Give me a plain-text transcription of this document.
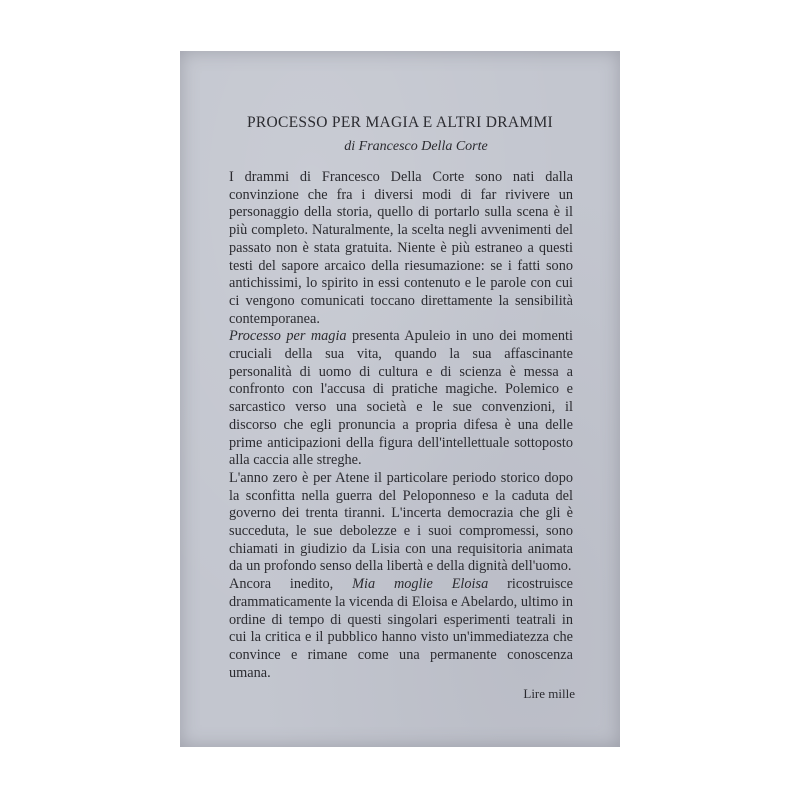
PROCESSO PER MAGIA E ALTRI DRAMMI

di Francesco Della Corte

I drammi di Francesco Della Corte sono nati dalla convinzione che fra i diversi modi di far rivivere un personaggio della storia, quello di portarlo sulla scena è il più completo. Naturalmente, la scelta negli avvenimenti del passato non è stata gratuita. Niente è più estraneo a questi testi del sapore arcaico della riesumazione: se i fatti sono antichissimi, lo spirito in essi contenuto e le parole con cui ci vengono comunicati toccano direttamente la sensibilità contemporanea.

Processo per magia presenta Apuleio in uno dei momenti cruciali della sua vita, quando la sua affascinante personalità di uomo di cultura e di scienza è messa a confronto con l'accusa di pratiche magiche. Polemico e sarcastico verso una società e le sue convenzioni, il discorso che egli pronuncia a propria difesa è una delle prime anticipazioni della figura dell'intellettuale sottoposto alla caccia alle streghe.

L'anno zero è per Atene il particolare periodo storico dopo la sconfitta nella guerra del Peloponneso e la caduta del governo dei trenta tiranni. L'incerta democrazia che gli è succeduta, le sue debolezze e i suoi compromessi, sono chiamati in giudizio da Lisia con una requisitoria animata da un profondo senso della libertà e della dignità dell'uomo.

Ancora inedito, Mia moglie Eloisa ricostruisce drammaticamente la vicenda di Eloisa e Abelardo, ultimo in ordine di tempo di questi singolari esperimenti teatrali in cui la critica e il pubblico hanno visto un'immediatezza che convince e rimane come una permanente conoscenza umana.

Lire mille
